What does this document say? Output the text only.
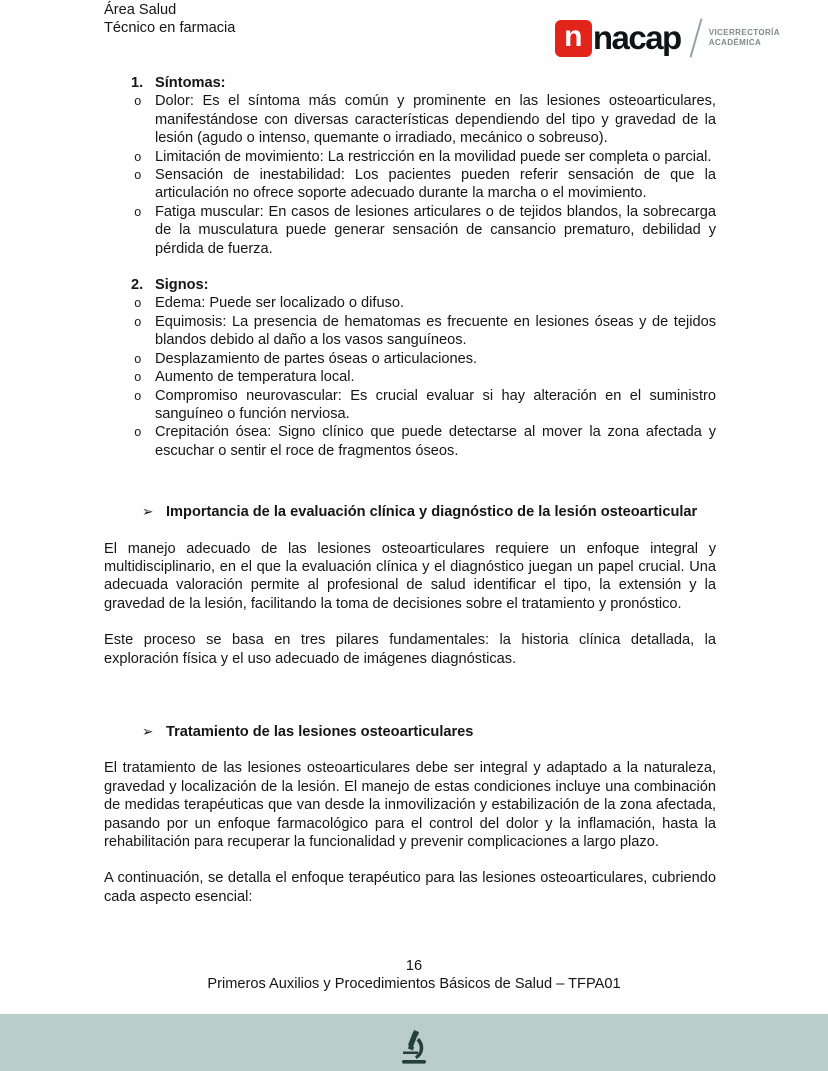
Área Salud
Técnico en farmacia	n nacap	VICERRECTORÍA
ACADÉMICA
1. Síntomas:
o Dolor: Es el síntoma más común y prominente en las lesiones osteoarticulares, manifestándose con diversas características dependiendo del tipo y gravedad de la lesión (agudo o intenso, quemante o irradiado, mecánico o sobreuso).
o Limitación de movimiento: La restricción en la movilidad puede ser completa o parcial.
o Sensación de inestabilidad: Los pacientes pueden referir sensación de que la articulación no ofrece soporte adecuado durante la marcha o el movimiento.
o Fatiga muscular: En casos de lesiones articulares o de tejidos blandos, la sobrecarga de la musculatura puede generar sensación de cansancio prematuro, debilidad y pérdida de fuerza.
2. Signos:
o Edema: Puede ser localizado o difuso.
o Equimosis: La presencia de hematomas es frecuente en lesiones óseas y de tejidos blandos debido al daño a los vasos sanguíneos.
o Desplazamiento de partes óseas o articulaciones.
o Aumento de temperatura local.
o Compromiso neurovascular: Es crucial evaluar si hay alteración en el suministro sanguíneo o función nerviosa.
o Crepitación ósea: Signo clínico que puede detectarse al mover la zona afectada y escuchar o sentir el roce de fragmentos óseos.
➢ Importancia de la evaluación clínica y diagnóstico de la lesión osteoarticular

El manejo adecuado de las lesiones osteoarticulares requiere un enfoque integral y multidisciplinario, en el que la evaluación clínica y el diagnóstico juegan un papel crucial. Una adecuada valoración permite al profesional de salud identificar el tipo, la extensión y la gravedad de la lesión, facilitando la toma de decisiones sobre el tratamiento y pronóstico.

Este proceso se basa en tres pilares fundamentales: la historia clínica detallada, la exploración física y el uso adecuado de imágenes diagnósticas.

➢ Tratamiento de las lesiones osteoarticulares

El tratamiento de las lesiones osteoarticulares debe ser integral y adaptado a la naturaleza, gravedad y localización de la lesión. El manejo de estas condiciones incluye una combinación de medidas terapéuticas que van desde la inmovilización y estabilización de la zona afectada, pasando por un enfoque farmacológico para el control del dolor y la inflamación, hasta la rehabilitación para recuperar la funcionalidad y prevenir complicaciones a largo plazo.

A continuación, se detalla el enfoque terapéutico para las lesiones osteoarticulares, cubriendo cada aspecto esencial:

16
Primeros Auxilios y Procedimientos Básicos de Salud – TFPA01
